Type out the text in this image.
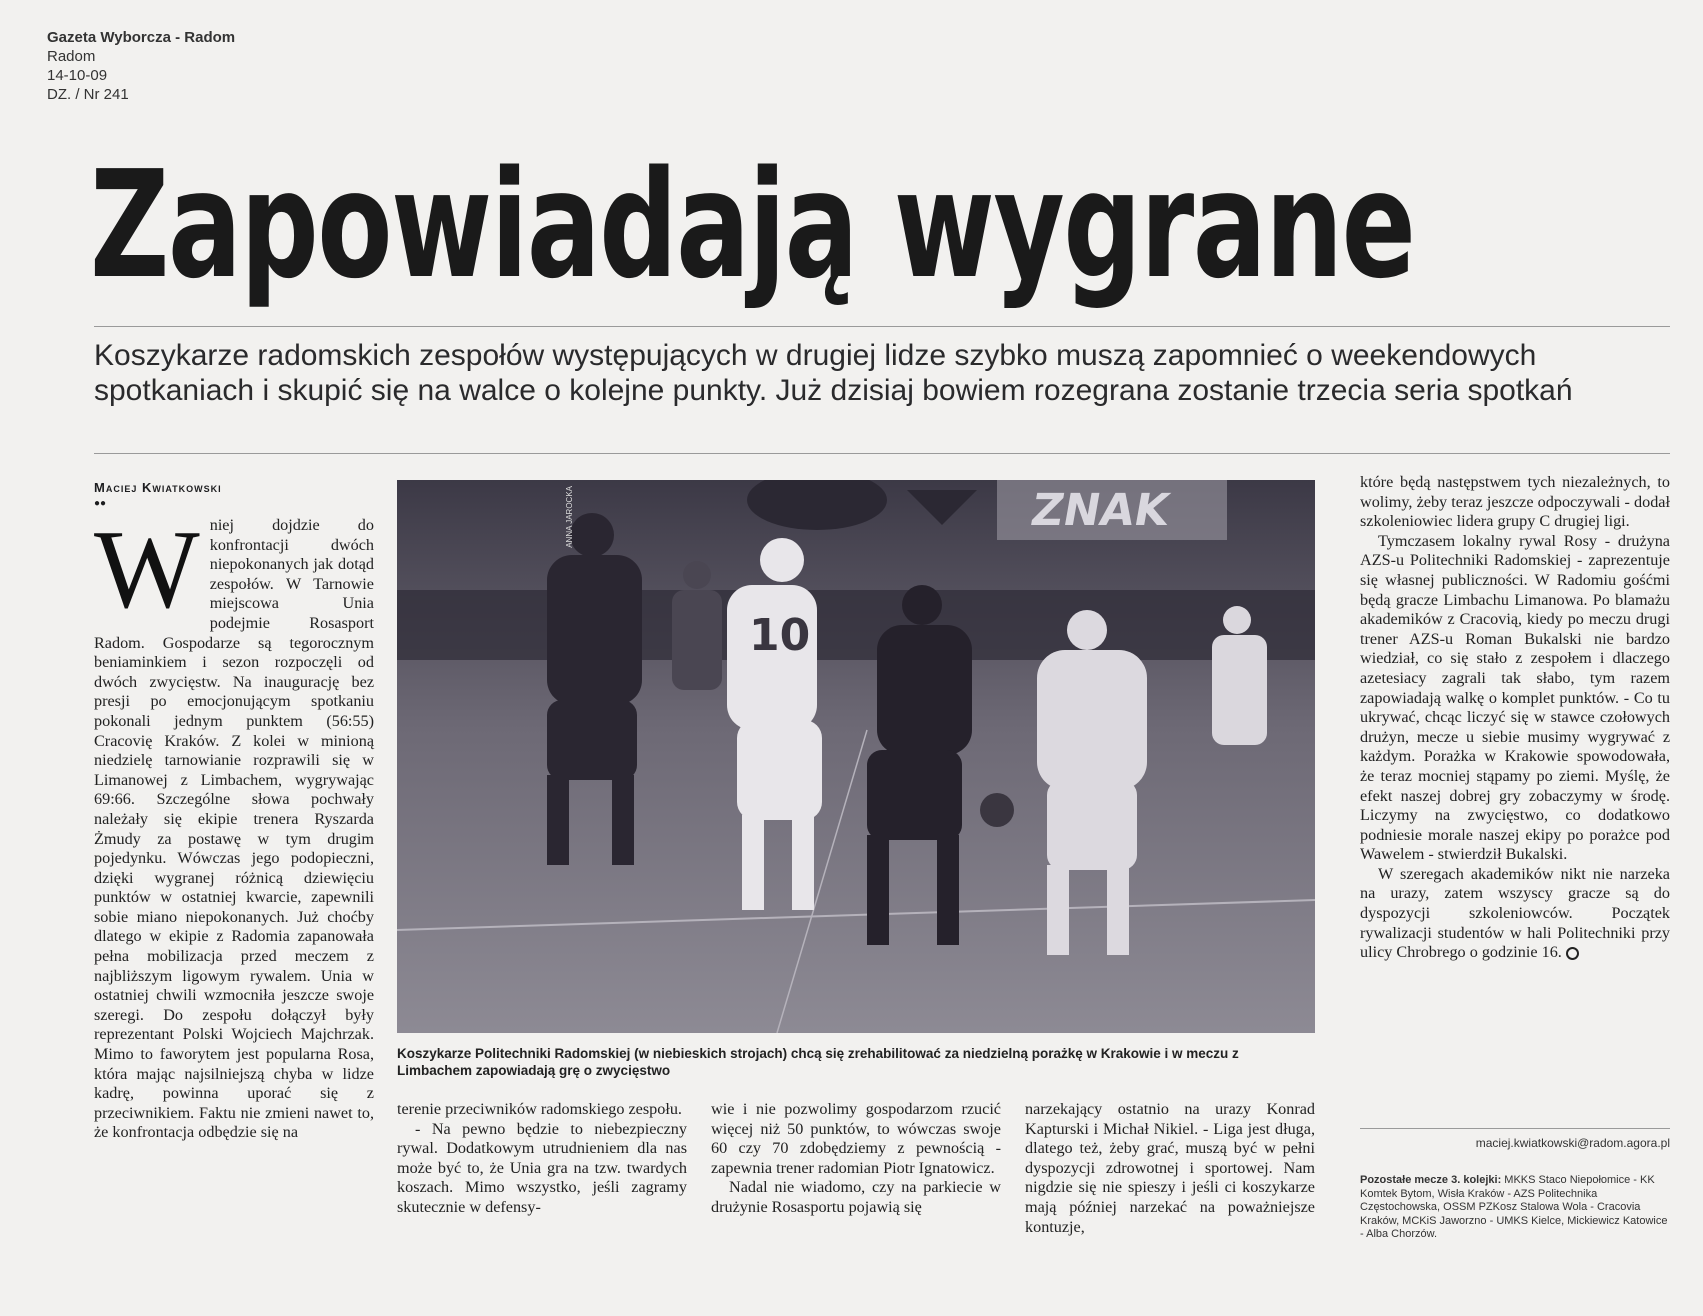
Gazeta Wyborcza - Radom
Radom
14-10-09
DZ. / Nr 241
Zapowiadają wygrane
Koszykarze radomskich zespołów występujących w drugiej lidze szybko muszą zapomnieć o weekendowych spotkaniach i skupić się na walce o kolejne punkty. Już dzisiaj bowiem rozegrana zostanie trzecia seria spotkań
Maciej Kwiatkowski
●●

Wniej dojdzie do konfrontacji dwóch niepokonanych jak dotąd zespołów. W Tarnowie miejscowa Unia podejmie Rosasport Radom. Gospodarze są tegorocznym beniaminkiem i sezon rozpoczęli od dwóch zwycięstw. Na inaugurację bez presji po emocjonującym spotkaniu pokonali jednym punktem (56:55) Cracovię Kraków. Z kolei w minioną niedzielę tarnowianie rozprawili się w Limanowej z Limbachem, wygrywając 69:66. Szczególne słowa pochwały należały się ekipie trenera Ryszarda Żmudy za postawę w tym drugim pojedynku. Wówczas jego podopieczni, dzięki wygranej różnicą dziewięciu punktów w ostatniej kwarcie, zapewnili sobie miano niepokonanych. Już choćby dlatego w ekipie z Radomia zapanowała pełna mobilizacja przed meczem z najbliższym ligowym rywalem. Unia w ostatniej chwili wzmocniła jeszcze swoje szeregi. Do zespołu dołączył były reprezentant Polski Wojciech Majchrzak. Mimo to faworytem jest popularna Rosa, która mając najsilniejszą chyba w lidze kadrę, powinna uporać się z przeciwnikiem. Faktu nie zmieni nawet to, że konfrontacja odbędzie się na

ZNAK
10
ANNA JAROCKA
Koszykarze Politechniki Radomskiej (w niebieskich strojach) chcą się zrehabilitować za niedzielną porażkę w Krakowie i w meczu z Limbachem zapowiadają grę o zwycięstwo

terenie przeciwników radomskiego zespołu.

- Na pewno będzie to niebezpieczny rywal. Dodatkowym utrudnieniem dla nas może być to, że Unia gra na tzw. twardych koszach. Mimo wszystko, jeśli zagramy skutecznie w defensy-

wie i nie pozwolimy gospodarzom rzucić więcej niż 50 punktów, to wówczas swoje 60 czy 70 zdobędziemy z pewnością - zapewnia trener radomian Piotr Ignatowicz.

Nadal nie wiadomo, czy na parkiecie w drużynie Rosasportu pojawią się

narzekający ostatnio na urazy Konrad Kapturski i Michał Nikiel. - Liga jest długa, dlatego też, żeby grać, muszą być w pełni dyspozycji zdrowotnej i sportowej. Nam nigdzie się nie spieszy i jeśli ci koszykarze mają później narzekać na poważniejsze kontuzje,

które będą następstwem tych niezależnych, to wolimy, żeby teraz jeszcze odpoczywali - dodał szkoleniowiec lidera grupy C drugiej ligi.

Tymczasem lokalny rywal Rosy - drużyna AZS-u Politechniki Radomskiej - zaprezentuje się własnej publiczności. W Radomiu gośćmi będą gracze Limbachu Limanowa. Po blamażu akademików z Cracovią, kiedy po meczu drugi trener AZS-u Roman Bukalski nie bardzo wiedział, co się stało z zespołem i dlaczego azetesiacy zagrali tak słabo, tym razem zapowiadają walkę o komplet punktów. - Co tu ukrywać, chcąc liczyć się w stawce czołowych drużyn, mecze u siebie musimy wygrywać z każdym. Porażka w Krakowie spowodowała, że teraz mocniej stąpamy po ziemi. Myślę, że efekt naszej dobrej gry zobaczymy w środę. Liczymy na zwycięstwo, co dodatkowo podniesie morale naszej ekipy po porażce pod Wawelem - stwierdził Bukalski.

W szeregach akademików nikt nie narzeka na urazy, zatem wszyscy gracze są do dyspozycji szkoleniowców. Początek rywalizacji studentów w hali Politechniki przy ulicy Chrobrego o godzinie 16.

maciej.kwiatkowski@radom.agora.pl
Pozostałe mecze 3. kolejki: MKKS Staco Niepołomice - KK Komtek Bytom, Wisła Kraków - AZS Politechnika Częstochowska, OSSM PZKosz Stalowa Wola - Cracovia Kraków, MCKiS Jaworzno - UMKS Kielce, Mickiewicz Katowice - Alba Chorzów.
